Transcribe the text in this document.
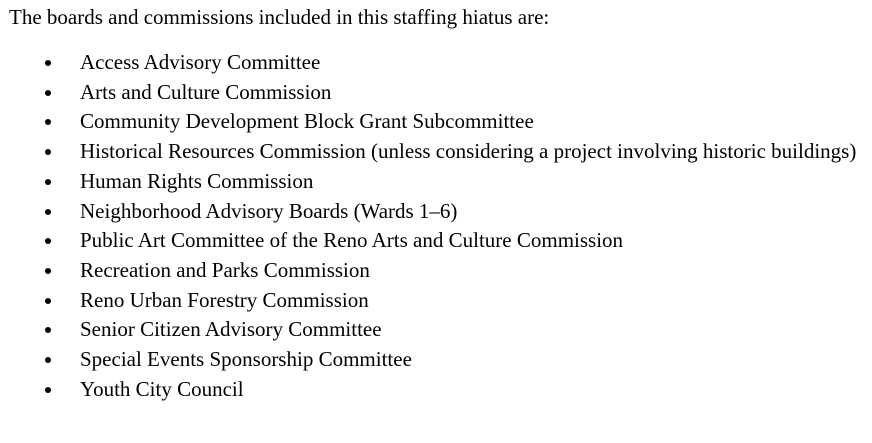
The boards and commissions included in this staffing hiatus are:

Access Advisory Committee
Arts and Culture Commission
Community Development Block Grant Subcommittee
Historical Resources Commission (unless considering a project involving historic buildings)
Human Rights Commission
Neighborhood Advisory Boards (Wards 1–6)
Public Art Committee of the Reno Arts and Culture Commission
Recreation and Parks Commission
Reno Urban Forestry Commission
Senior Citizen Advisory Committee
Special Events Sponsorship Committee
Youth City Council
